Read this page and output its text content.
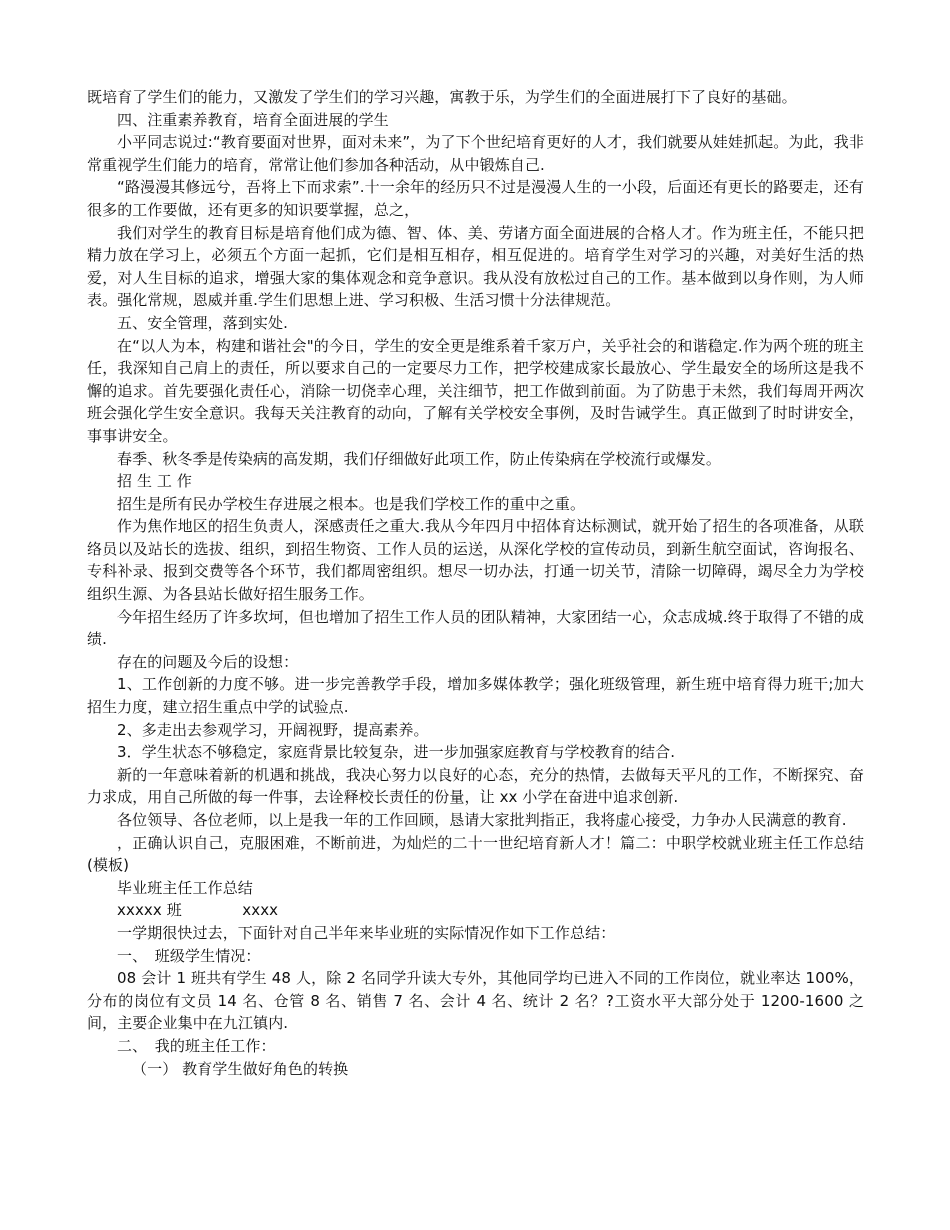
既培育了学生们的能力，又激发了学生们的学习兴趣，寓教于乐，为学生们的全面进展打下了良好的基础。

四、注重素养教育，培育全面进展的学生

小平同志说过:“教育要面对世界，面对未来”，为了下个世纪培育更好的人才，我们就要从娃娃抓起。为此，我非常重视学生们能力的培育，常常让他们参加各种活动，从中锻炼自己.

“路漫漫其修远兮，吾将上下而求索”.十一余年的经历只不过是漫漫人生的一小段，后面还有更长的路要走，还有很多的工作要做，还有更多的知识要掌握，总之，

我们对学生的教育目标是培育他们成为德、智、体、美、劳诸方面全面进展的合格人才。作为班主任，不能只把精力放在学习上，必须五个方面一起抓，它们是相互相存，相互促进的。培育学生对学习的兴趣，对美好生活的热爱，对人生目标的追求，增强大家的集体观念和竞争意识。我从没有放松过自己的工作。基本做到以身作则，为人师表。强化常规，恩威并重.学生们思想上进、学习积极、生活习惯十分法律规范。

五、安全管理，落到实处.

在“以人为本，构建和谐社会"的今日，学生的安全更是维系着千家万户，关乎社会的和谐稳定.作为两个班的班主任，我深知自己肩上的责任，所以要求自己的一定要尽力工作，把学校建成家长最放心、学生最安全的场所这是我不懈的追求。首先要强化责任心，消除一切侥幸心理，关注细节，把工作做到前面。为了防患于未然，我们每周开两次班会强化学生安全意识。我每天关注教育的动向，了解有关学校安全事例，及时告诫学生。真正做到了时时讲安全，事事讲安全。

春季、秋冬季是传染病的高发期，我们仔细做好此项工作，防止传染病在学校流行或爆发。

招 生 工 作

招生是所有民办学校生存进展之根本。也是我们学校工作的重中之重。

作为焦作地区的招生负责人，深感责任之重大.我从今年四月中招体育达标测试，就开始了招生的各项准备，从联络员以及站长的选拔、组织，到招生物资、工作人员的运送，从深化学校的宣传动员，到新生航空面试，咨询报名、专科补录、报到交费等各个环节，我们都周密组织。想尽一切办法，打通一切关节，清除一切障碍，竭尽全力为学校组织生源、为各县站长做好招生服务工作。

今年招生经历了许多坎坷，但也增加了招生工作人员的团队精神，大家团结一心，众志成城.终于取得了不错的成绩.

存在的问题及今后的设想：

1、工作创新的力度不够。进一步完善教学手段，增加多媒体教学；强化班级管理，新生班中培育得力班干;加大招生力度，建立招生重点中学的试验点.

2、多走出去参观学习，开阔视野，提高素养。

3．学生状态不够稳定，家庭背景比较复杂，进一步加强家庭教育与学校教育的结合.

新的一年意味着新的机遇和挑战，我决心努力以良好的心态，充分的热情，去做每天平凡的工作，不断探究、奋力求成，用自己所做的每一件事，去诠释校长责任的份量，让 xx 小学在奋进中追求创新.

各位领导、各位老师，以上是我一年的工作回顾，恳请大家批判指正，我将虚心接受，力争办人民满意的教育.

，正确认识自己，克服困难，不断前进，为灿烂的二十一世纪培育新人才！篇二：中职学校就业班主任工作总结(模板)

毕业班主任工作总结

xxxxx 班　　　　xxxx

一学期很快过去，下面针对自己半年来毕业班的实际情况作如下工作总结：

一、　班级学生情况：

08 会计 1 班共有学生 48 人，除 2 名同学升读大专外，其他同学均已进入不同的工作岗位，就业率达 100%，分布的岗位有文员 14 名、仓管 8 名、销售 7 名、会计 4 名、统计 2 名？?工资水平大部分处于 1200-1600 之间，主要企业集中在九江镇内.

二、　我的班主任工作：

（一） 教育学生做好角色的转换
